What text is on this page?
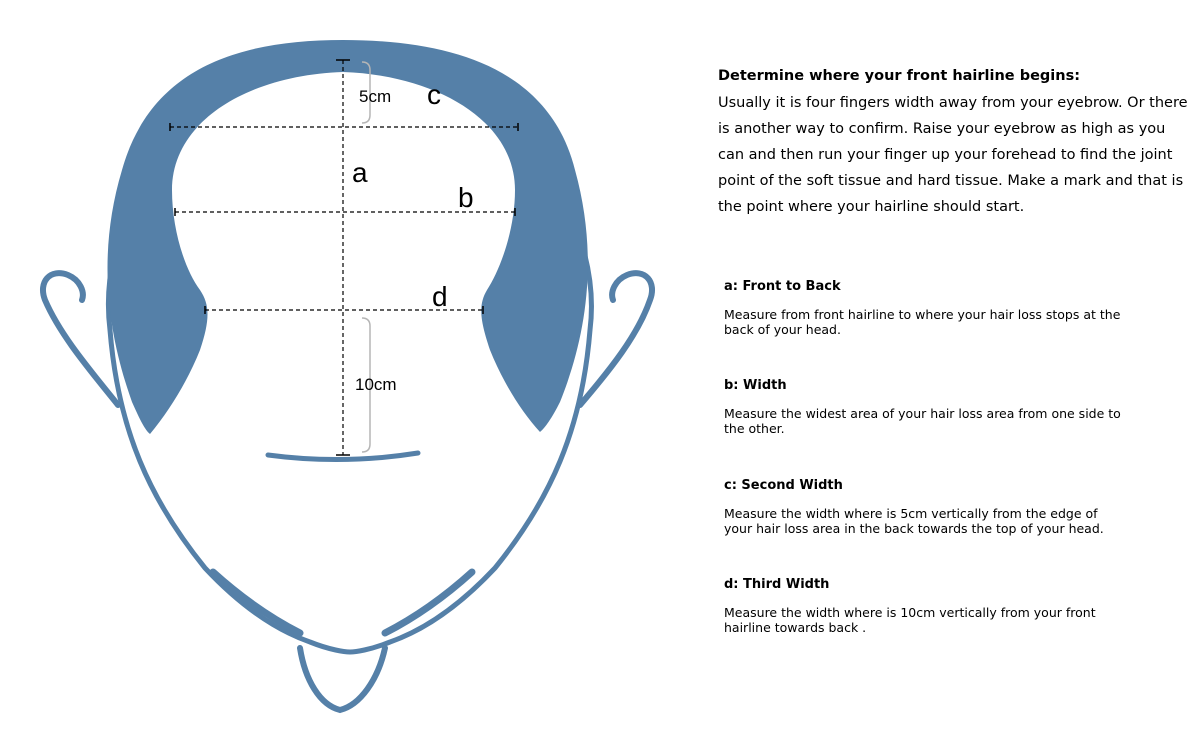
5cm
10cm
a
b
c
d
Determine where your front hairline begins:

Usually it is four fingers width away from your eyebrow. Or there is another way to confirm. Raise your eyebrow as high as you can and then run your finger up your forehead to find the joint point of the soft tissue and hard tissue. Make a mark and that is the point where your hairline should start.

a: Front to Back

Measure from front hairline to where your hair loss stops at the back of your head.

b: Width

Measure the widest area of your hair loss area from one side to the other.

c: Second Width

Measure the width where is 5cm vertically from the edge of your hair loss area in the back towards the top of your head.

d: Third Width

Measure the width where is 10cm vertically from your front hairline towards back .
